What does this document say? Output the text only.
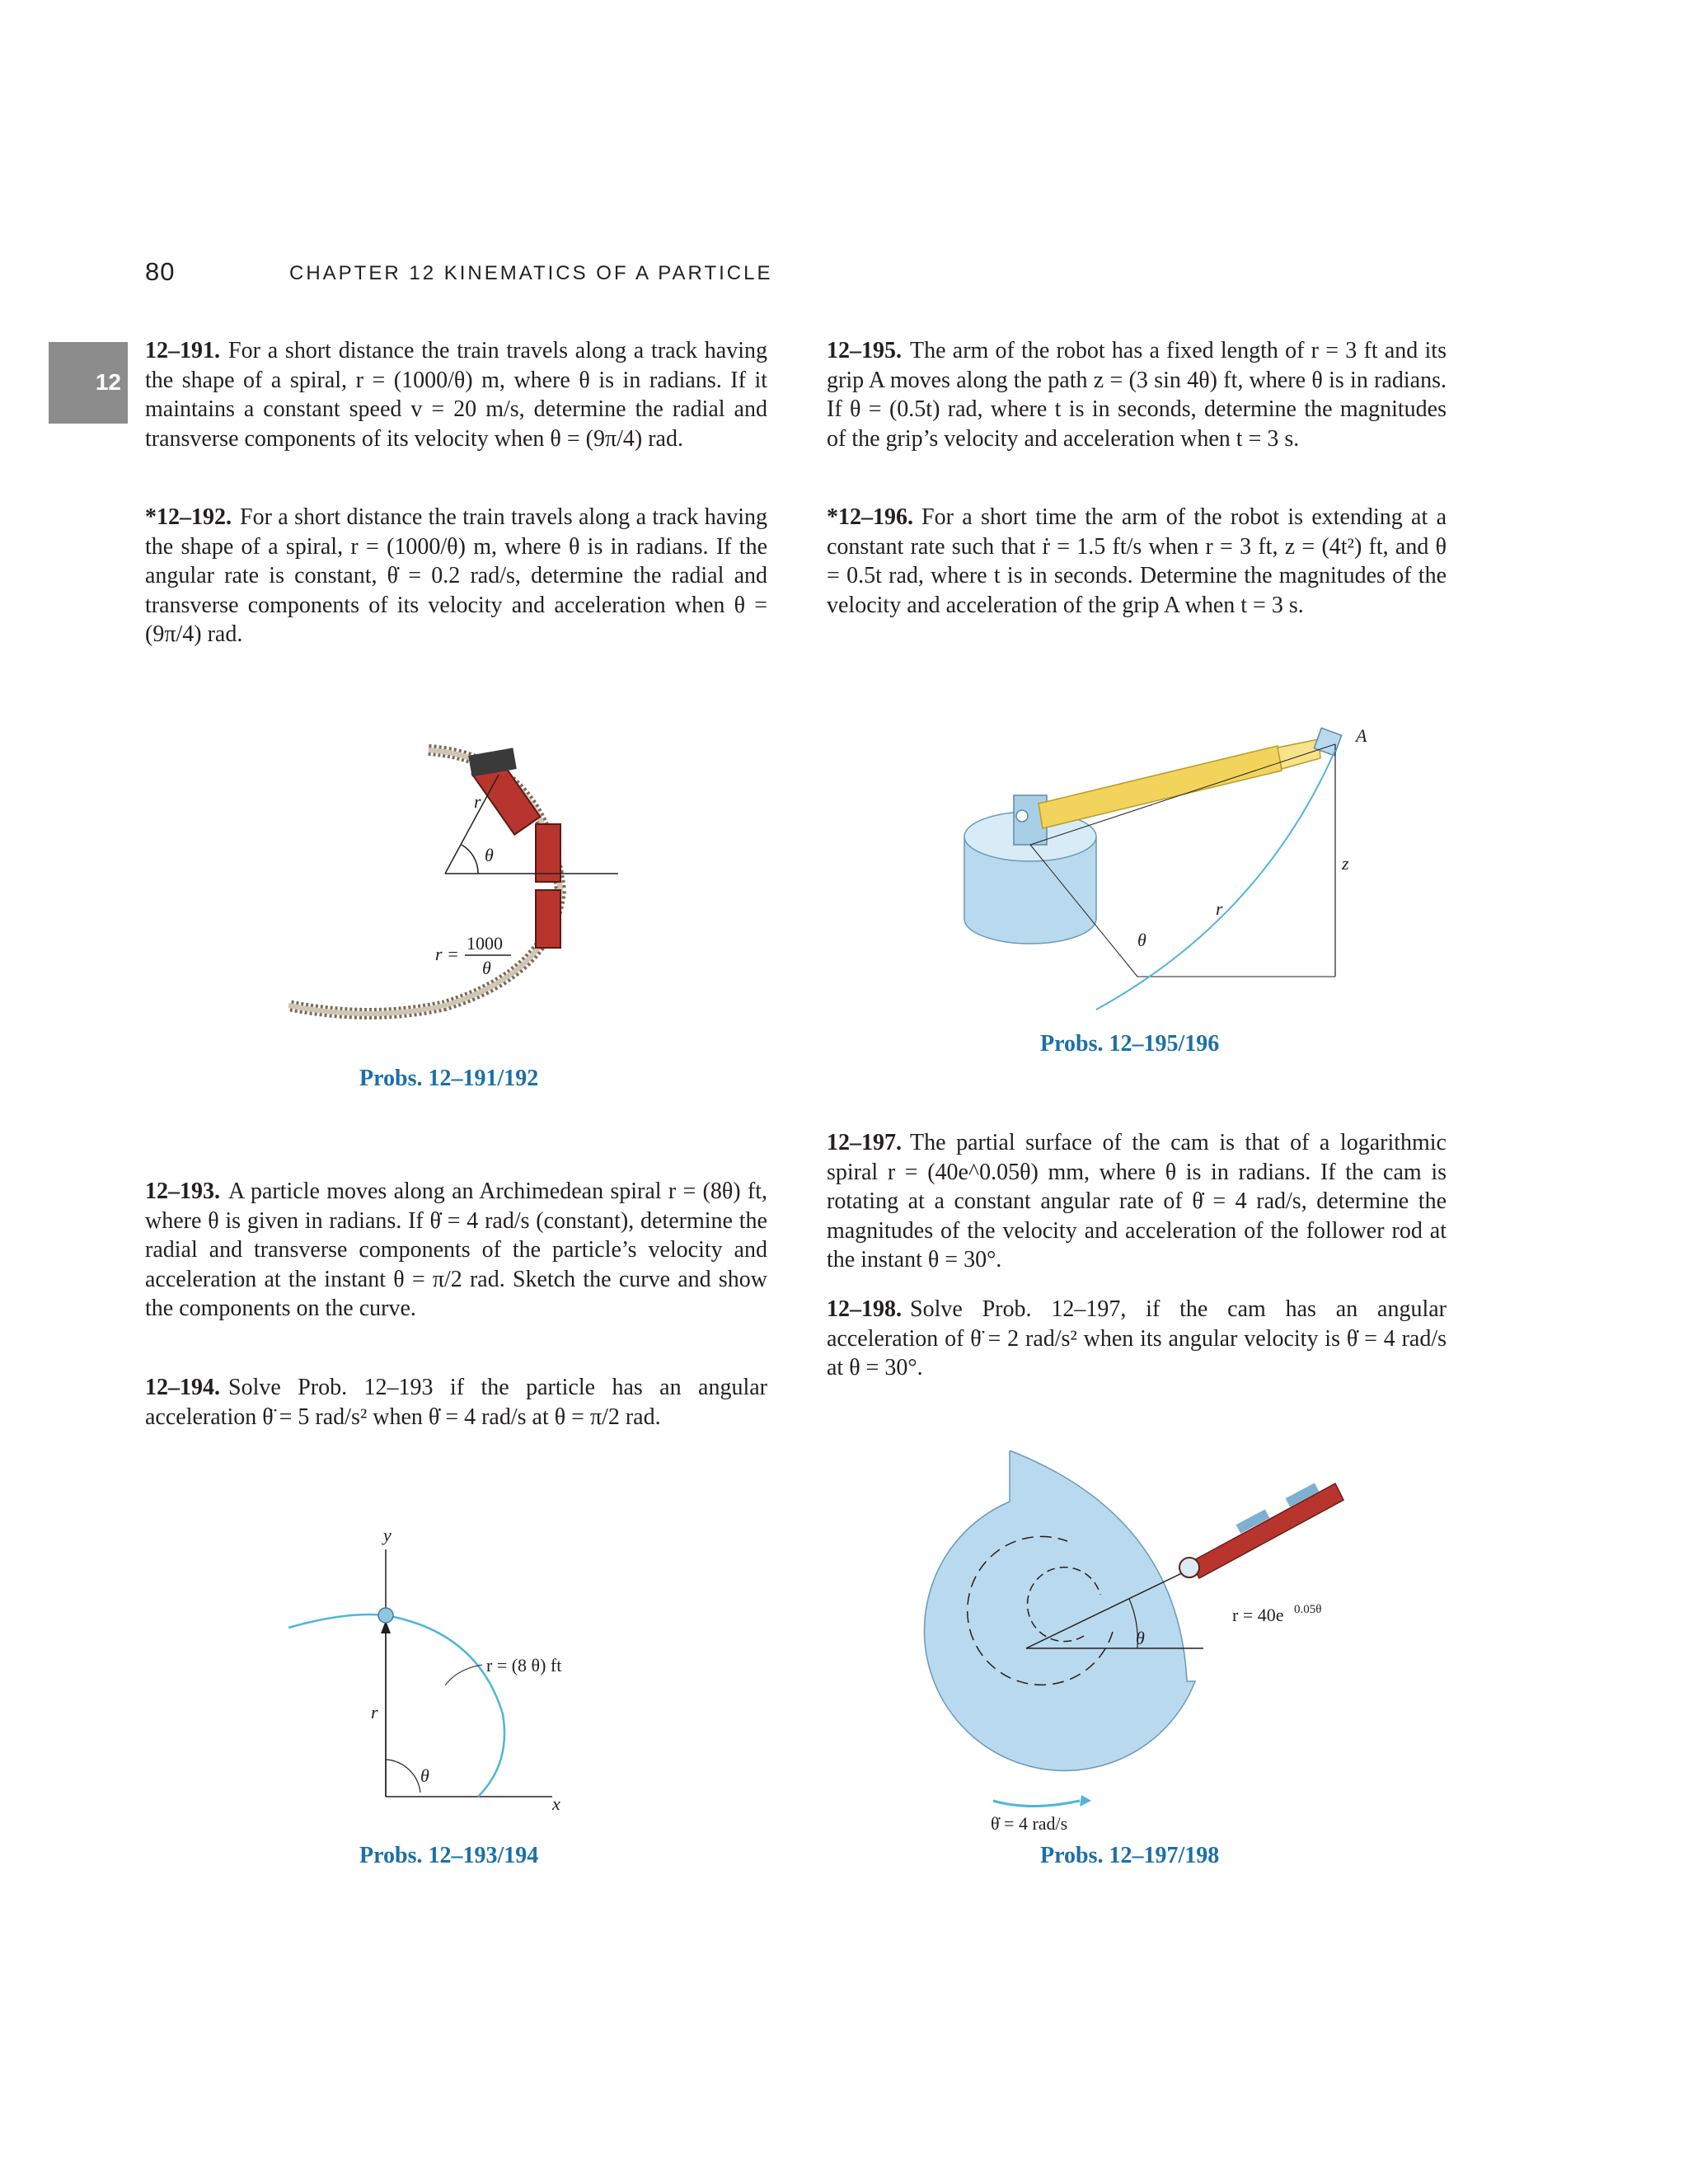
80	CHAPTER 12 KINEMATICS OF A PARTICLE
12
12–191. For a short distance the train travels along a track having the shape of a spiral, r = (1000/θ) m, where θ is in radians. If it maintains a constant speed v = 20 m/s, determine the radial and transverse components of its velocity when θ = (9π/4) rad.
*12–192. For a short distance the train travels along a track having the shape of a spiral, r = (1000/θ) m, where θ is in radians. If the angular rate is constant, θ̇ = 0.2 rad/s, determine the radial and transverse components of its velocity and acceleration when θ = (9π/4) rad.
12–195. The arm of the robot has a fixed length of r = 3 ft and its grip A moves along the path z = (3 sin 4θ) ft, where θ is in radians. If θ = (0.5t) rad, where t is in seconds, determine the magnitudes of the grip’s velocity and acceleration when t = 3 s.
*12–196. For a short time the arm of the robot is extending at a constant rate such that ṙ = 1.5 ft/s when r = 3 ft, z = (4t²) ft, and θ = 0.5t rad, where t is in seconds. Determine the magnitudes of the velocity and acceleration of the grip A when t = 3 s.
r
θ
r =
1000
θ
Probs. 12–191/192
A
z
r
θ
Probs. 12–195/196
12–193. A particle moves along an Archimedean spiral r = (8θ) ft, where θ is given in radians. If θ̇ = 4 rad/s (constant), determine the radial and transverse components of the particle’s velocity and acceleration at the instant θ = π/2 rad. Sketch the curve and show the components on the curve.
12–194. Solve Prob. 12–193 if the particle has an angular acceleration θ̈ = 5 rad/s² when θ̇ = 4 rad/s at θ = π/2 rad.
12–197. The partial surface of the cam is that of a logarithmic spiral r = (40e^0.05θ) mm, where θ is in radians. If the cam is rotating at a constant angular rate of θ̇ = 4 rad/s, determine the magnitudes of the velocity and acceleration of the follower rod at the instant θ = 30°.
12–198. Solve Prob. 12–197, if the cam has an angular acceleration of θ̈ = 2 rad/s² when its angular velocity is θ̇ = 4 rad/s at θ = 30°.
y
x
r
θ
r = (8 θ) ft
Probs. 12–193/194
θ
r = 40e 0.05θ
θ̇ = 4 rad/s
Probs. 12–197/198
